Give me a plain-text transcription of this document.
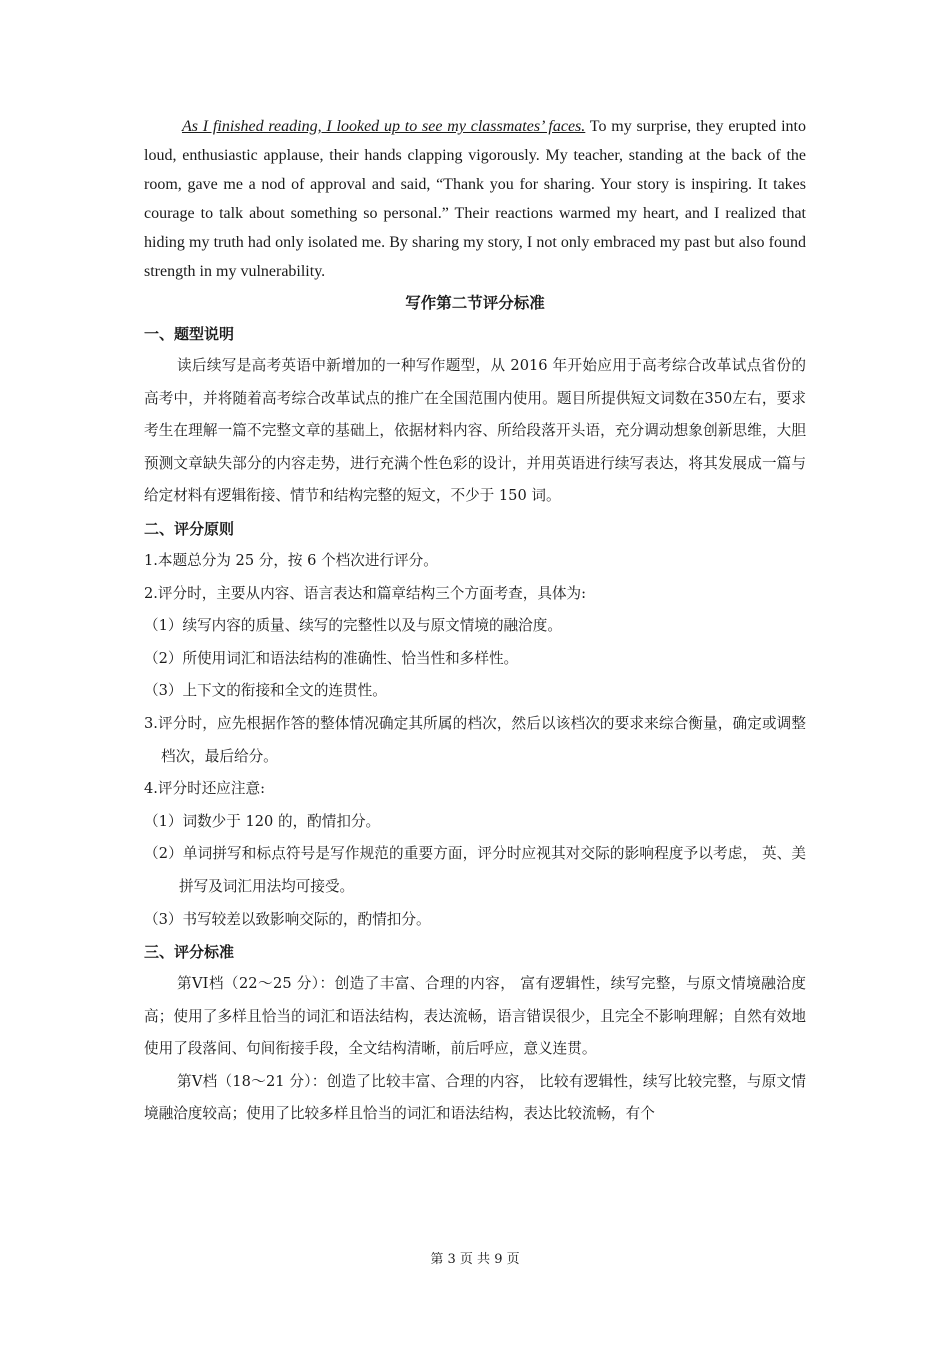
As I finished reading, I looked up to see my classmates’ faces. To my surprise, they erupted into loud, enthusiastic applause, their hands clapping vigorously. My teacher, standing at the back of the room, gave me a nod of approval and said, “Thank you for sharing. Your story is inspiring. It takes courage to talk about something so personal.” Their reactions warmed my heart, and I realized that hiding my truth had only isolated me. By sharing my story, I not only embraced my past but also found strength in my vulnerability.

写作第二节评分标准
一、题型说明

读后续写是高考英语中新增加的一种写作题型，从 2016 年开始应用于高考综合改革试点省份的高考中，并将随着高考综合改革试点的推广在全国范围内使用。题目所提供短文词数在350左右，要求考生在理解一篇不完整文章的基础上，依据材料内容、所给段落开头语，充分调动想象创新思维，大胆预测文章缺失部分的内容走势，进行充满个性色彩的设计，并用英语进行续写表达，将其发展成一篇与给定材料有逻辑衔接、情节和结构完整的短文，不少于 150 词。

二、评分原则

1.本题总分为 25 分，按 6 个档次进行评分。

2.评分时，主要从内容、语言表达和篇章结构三个方面考查，具体为:

（1）续写内容的质量、续写的完整性以及与原文情境的融洽度。

（2）所使用词汇和语法结构的准确性、恰当性和多样性。

（3）上下文的衔接和全文的连贯性。

3.评分时，应先根据作答的整体情况确定其所属的档次，然后以该档次的要求来综合衡量，确定或调整档次，最后给分。

4.评分时还应注意:

（1）词数少于 120 的，酌情扣分。

（2）单词拼写和标点符号是写作规范的重要方面，评分时应视其对交际的影响程度予以考虑， 英、美拼写及词汇用法均可接受。

（3）书写较差以致影响交际的，酌情扣分。

三、评分标准

第VI档（22～25 分）：创造了丰富、合理的内容， 富有逻辑性，续写完整，与原文情境融洽度高；使用了多样且恰当的词汇和语法结构，表达流畅，语言错误很少，且完全不影响理解；自然有效地使用了段落间、句间衔接手段，全文结构清晰，前后呼应，意义连贯。

第V档（18～21 分）：创造了比较丰富、合理的内容， 比较有逻辑性，续写比较完整，与原文情境融洽度较高；使用了比较多样且恰当的词汇和语法结构，表达比较流畅，有个

第 3 页 共 9 页
